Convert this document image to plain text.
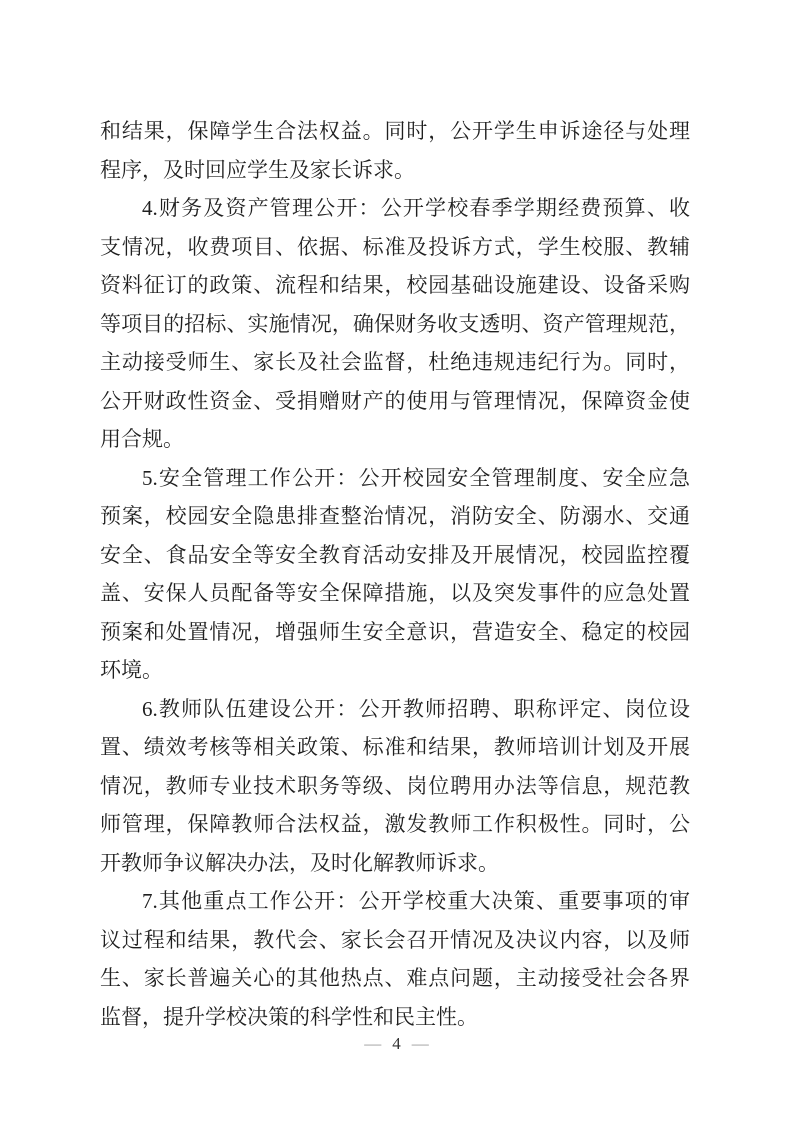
和结果，保障学生合法权益。同时，公开学生申诉途径与处理

程序，及时回应学生及家长诉求。

4.财务及资产管理公开：公开学校春季学期经费预算、收

支情况，收费项目、依据、标准及投诉方式，学生校服、教辅

资料征订的政策、流程和结果，校园基础设施建设、设备采购

等项目的招标、实施情况，确保财务收支透明、资产管理规范，

主动接受师生、家长及社会监督，杜绝违规违纪行为。同时，

公开财政性资金、受捐赠财产的使用与管理情况，保障资金使

用合规。

5.安全管理工作公开：公开校园安全管理制度、安全应急

预案，校园安全隐患排查整治情况，消防安全、防溺水、交通

安全、食品安全等安全教育活动安排及开展情况，校园监控覆

盖、安保人员配备等安全保障措施，以及突发事件的应急处置

预案和处置情况，增强师生安全意识，营造安全、稳定的校园

环境。

6.教师队伍建设公开：公开教师招聘、职称评定、岗位设

置、绩效考核等相关政策、标准和结果，教师培训计划及开展

情况，教师专业技术职务等级、岗位聘用办法等信息，规范教

师管理，保障教师合法权益，激发教师工作积极性。同时，公

开教师争议解决办法，及时化解教师诉求。

7.其他重点工作公开：公开学校重大决策、重要事项的审

议过程和结果，教代会、家长会召开情况及决议内容，以及师

生、家长普遍关心的其他热点、难点问题，主动接受社会各界

监督，提升学校决策的科学性和民主性。

— 4 —
